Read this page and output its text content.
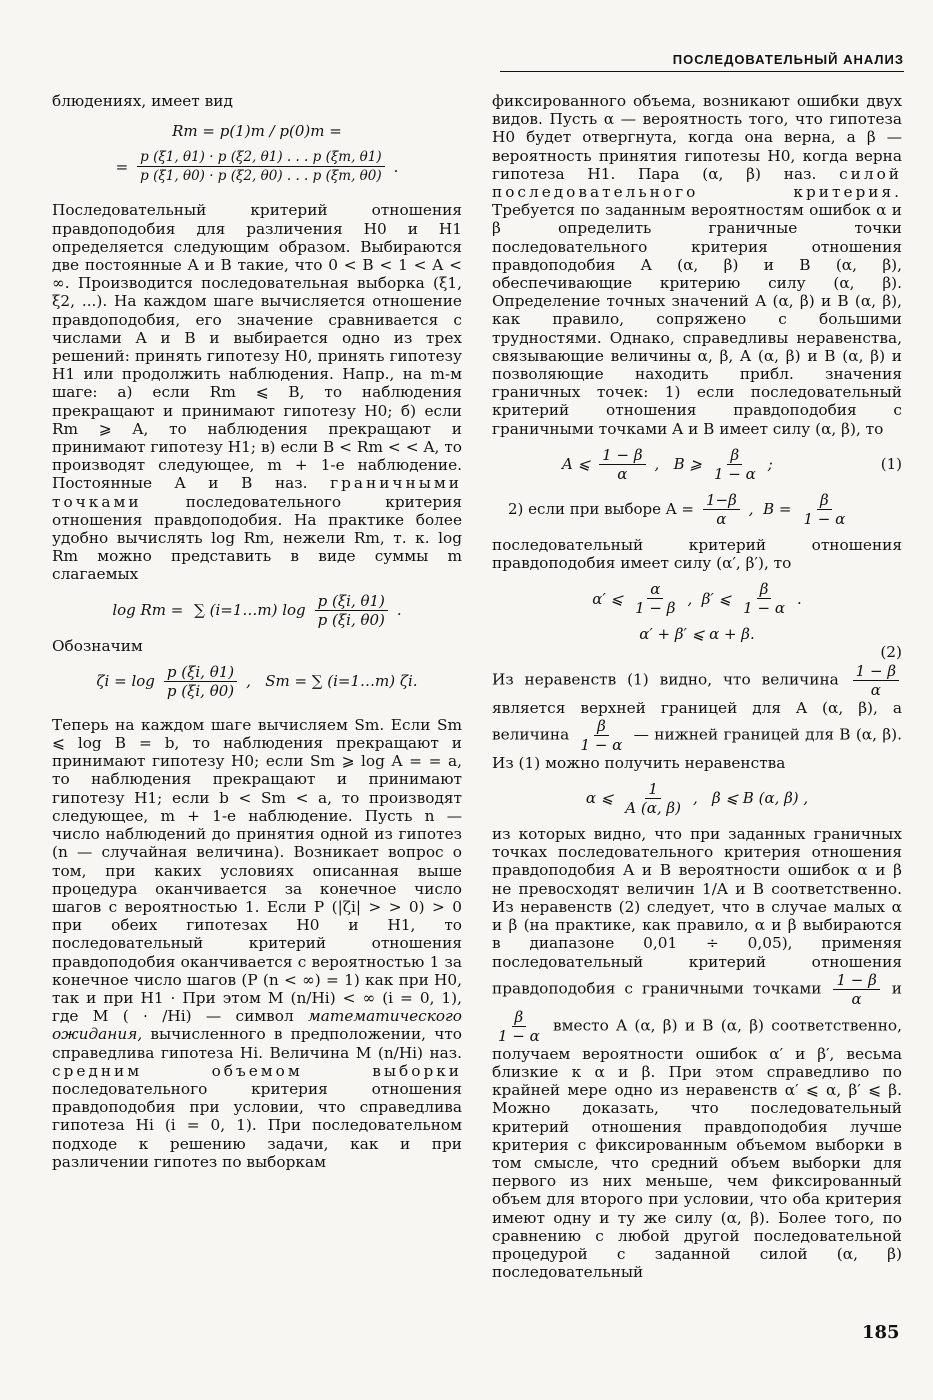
ПОСЛЕДОВАТЕЛЬНЫЙ АНАЛИЗ

блюдениях, имеет вид

Rm = p(1)m / p(0)m =
= $\frac{p (\xi 1, \theta 1) \cdot p (\xi 2, \theta 1) . . . p (\xi m, \theta 1)}{p (\xi 1, \theta 0) \cdot p (\xi 2, \theta 0) . . . p (\xi m, \theta 0)}$ .

Последовательный критерий отношения правдоподобия для различения H0 и H1 определяется следующим образом. Выбираются две постоянные A и B такие, что 0 < B < 1 < A < ∞. Производится последовательная выборка (ξ1, ξ2, ...). На каждом шаге вычисляется отношение правдоподобия, его значение сравнивается с числами A и B и выбирается одно из трех решений: принять гипотезу H0, принять гипотезу H1 или продолжить наблюдения. Напр., на m-м шаге: а) если Rm ⩽ B, то наблюдения прекращают и принимают гипотезу H0; б) если Rm ⩾ A, то наблюдения прекращают и принимают гипотезу H1; в) если B < Rm < < A, то производят следующее, m + 1-е наблюдение. Постоянные A и B наз. граничными точками	последовательного критерия отношения правдоподобия. На практике более удобно вычислять log Rm, нежели Rm, т. к. log Rm можно представить в виде суммы m слагаемых

log Rm = ∑ (i=1…m) $\log \frac{p (\xi i, \theta 1)}{p (\xi i, \theta 0)}$ .

Обозначим

$\zeta i = \log \frac{p (\xi i, \theta 1)}{p (\xi i, \theta 0)}$ ,   Sm = ∑ (i=1…m) ζi.

Теперь на каждом шаге вычисляем Sm. Если Sm ⩽ log B = b, то наблюдения прекращают и принимают гипотезу H0; если Sm ⩾ log A = = a, то наблюдения прекращают и принимают гипотезу H1; если b < Sm < a, то производят следующее, m + 1-е наблюдение. Пусть n — число наблюдений до принятия одной из гипотез (n — случайная величина). Возникает вопрос о том, при каких условиях описанная выше процедура оканчивается за конечное число шагов с вероятностью 1. Если P (|ζi| > > 0) > 0 при обеих гипотезах H0 и H1, то последовательный критерий отношения правдоподобия оканчивается с вероятностью 1 за конечное число шагов (P (n < ∞) = 1) как при H0, так и при H1 · При этом M (n/Hi) < ∞ (i = 0, 1), где M ( · /Hi) — символ математического ожидания, вычисленного в предположении, что справедлива гипотеза Hi. Величина M (n/Hi) наз. средним объемом выборки последовательного критерия отношения правдоподобия при условии, что справедлива гипотеза Hi (i = 0, 1). При последовательном подходе к решению задачи, как и при различении гипотез по выборкам

фиксированного объема, возникают ошибки двух видов. Пусть α — вероятность того, что гипотеза H0 будет отвергнута, когда она верна, а β — вероятность принятия гипотезы H0, когда верна гипотеза H1. Пара (α, β) наз. силой последовательного критерия. Требуется по заданным вероятностям ошибок α и β определить граничные точки последовательного критерия отношения правдоподобия A (α, β) и B (α, β), обеспечивающие критерию силу (α, β). Определение точных значений A (α, β) и B (α, β), как правило, сопряжено с большими трудностями. Однако, справедливы неравенства, связывающие величины α, β, A (α, β) и B (α, β) и позволяющие находить прибл. значения граничных точек: 1) если последовательный критерий отношения правдоподобия с граничными точками A и B имеет силу (α, β), то

A ⩽ $\frac{1 - \beta}{\alpha}$ ,   B ⩾ $\frac{\beta}{1 - \alpha}$ ;	(1)
2) если при выборе $A = \frac{1-\beta}{\alpha}$ ,  $B = \frac{\beta}{1 - \alpha}$

последовательный критерий отношения правдоподобия имеет силу (α′, β′), то

α′ ⩽ $\frac{\alpha}{1 - \beta}$ ,  β′ ⩽ $\frac{\beta}{1 - \alpha}$ .
α′ + β′ ⩽ α + β.
(2)

Из неравенств (1) видно, что величина $\frac{1 - \beta}{\alpha}$
является верхней границей для A (α, β), а величина $\frac{\beta}{1 - \alpha}$ — нижней границей для B (α, β). Из (1) можно получить неравенства

α ⩽ $\frac{1}{A (\alpha, \beta)}$ ,   β ⩽ B (α, β) ,

из которых видно, что при заданных граничных точках последовательного критерия отношения правдоподобия A и B вероятности ошибок α и β не превосходят величин 1/A и B соответственно. Из неравенств (2) следует, что в случае малых α и β (на практике, как правило, α и β выбираются в диапазоне 0,01 ÷ 0,05), применяя последовательный критерий отношения правдоподобия с граничными точками $\frac{1 - \beta}{\alpha}$ и
$\frac{\beta}{1 - \alpha}$ вместо A (α, β) и B (α, β) соответственно, получаем вероятности ошибок α′ и β′, весьма близкие к α и β. При этом справедливо по крайней мере одно из неравенств α′ ⩽ α, β′ ⩽ β. Можно доказать, что последовательный критерий отношения правдоподобия лучше критерия с фиксированным объемом выборки в том смысле, что средний объем выборки для первого из них меньше, чем фиксированный объем для второго при условии, что оба критерия имеют одну и ту же силу (α, β). Более того, по сравнению с любой другой последовательной процедурой с заданной силой (α, β) последовательный

185
